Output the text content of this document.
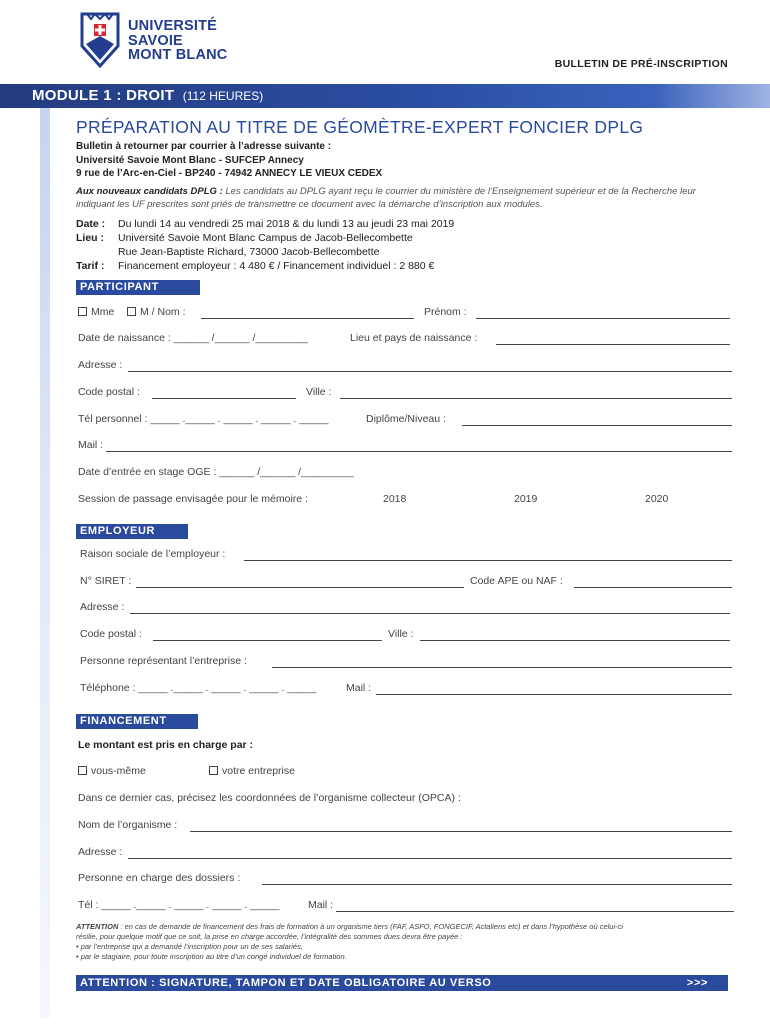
UNIVERSITÉ
SAVOIE
MONT BLANC
BULLETIN DE PRÉ-INSCRIPTION
MODULE 1 : DROIT (112 HEURES)
PRÉPARATION AU TITRE DE GÉOMÈTRE-EXPERT FONCIER DPLG
Bulletin à retourner par courrier à l’adresse suivante :
Université Savoie Mont Blanc - SUFCEP Annecy
9 rue de l’Arc-en-Ciel - BP240 - 74942 ANNECY LE VIEUX CEDEX
Aux nouveaux candidats DPLG : Les candidats au DPLG ayant reçu le courrier du ministère de l’Enseignement supérieur et de la Recherche leur indiquant les UF prescrites sont priés de transmettre ce document avec la démarche d’inscription aux modules.
Date :	Du lundi 14 au vendredi 25 mai 2018 & du lundi 13 au jeudi 23 mai 2019
Lieu :	Université Savoie Mont Blanc Campus de Jacob-Bellecombette
Rue Jean-Baptiste Richard, 73000 Jacob-Bellecombette
Tarif :	Financement employeur : 4 480 € / Financement individuel : 2 880 €
PARTICIPANT
Mme	M / Nom :	Prénom :
Date de naissance : ______ /______ /_________	Lieu et pays de naissance :
Adresse :
Code postal :	Ville :
Tél personnel : _____ ._____ . _____ . _____ . _____	Diplôme/Niveau :
Mail :
Date d’entrée en stage OGE : ______ /______ /_________
Session de passage envisagée pour le mémoire :	2018	2019	2020
EMPLOYEUR
Raison sociale de l’employeur :
N° SIRET :	Code APE ou NAF :
Adresse :
Code postal :	Ville :
Personne représentant l’entreprise :
Téléphone : _____ ._____ . _____ . _____ . _____	Mail :
FINANCEMENT
Le montant est pris en charge par :
vous-même	votre entreprise
Dans ce dernier cas, précisez les coordonnées de l’organisme collecteur (OPCA) :
Nom de l’organisme :
Adresse :
Personne en charge des dossiers :
Tél : _____ ._____ . _____ . _____ . _____	Mail :
ATTENTION : en cas de demande de financement des frais de formation à un organisme tiers (FAF, ASFO, FONGECIF, Actaliens etc) et dans l’hypothèse où celui-ci
résilie, pour quelque motif que ce soit, la prise en charge accordée, l’intégralité des sommes dues devra être payée :
• par l’entreprise qui a demandé l’inscription pour un de ses salariés,
• par le stagiaire, pour toute inscription au titre d’un congé individuel de formation.
ATTENTION : SIGNATURE, TAMPON ET DATE OBLIGATOIRE AU VERSO	>>>
